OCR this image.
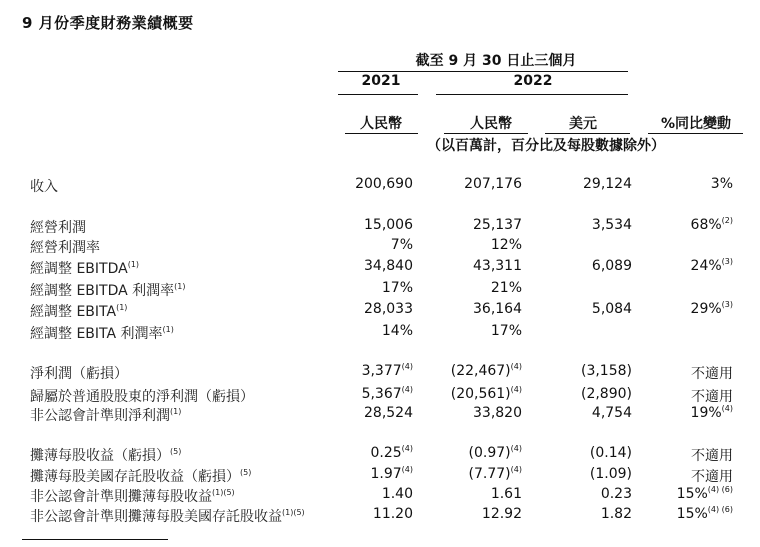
9 月份季度財務業績概要
截至 9 月 30 日止三個月
2021	2022
人民幣	人民幣	美元	%同比變動
（以百萬計，百分比及每股數據除外）
收入	200,690	207,176	29,124	3%
經營利潤	15,006	25,137	3,534	68%$^{(2)}$
經營利潤率	7%	12%
經調整 EBITDA$^{(1)}$	34,840	43,311	6,089	24%$^{(3)}$
經調整 EBITDA 利潤率$^{(1)}$	17%	21%
經調整 EBITA$^{(1)}$	28,033	36,164	5,084	29%$^{(3)}$
經調整 EBITA 利潤率$^{(1)}$	14%	17%
淨利潤（虧損）	3,377$^{(4)}$	$(22,467)^{(4)}$	(3,158)	不適用
歸屬於普通股股東的淨利潤（虧損）	5,367$^{(4)}$	$(20,561)^{(4)}$	(2,890)	不適用
非公認會計準則淨利潤$^{(1)}$	28,524	33,820	4,754	19%$^{(4)}$
攤薄每股收益（虧損）$^{(5)}$	0.25$^{(4)}$	$(0.97)^{(4)}$	(0.14)	不適用
攤薄每股美國存託股收益（虧損）$^{(5)}$	1.97$^{(4)}$	$(7.77)^{(4)}$	(1.09)	不適用
非公認會計準則攤薄每股收益$^{(1)(5)}$	1.40	1.61	0.23	15%$^{(4) (6)}$
非公認會計準則攤薄每股美國存託股收益$^{(1)(5)}$	11.20	12.92	1.82	15%$^{(4) (6)}$
